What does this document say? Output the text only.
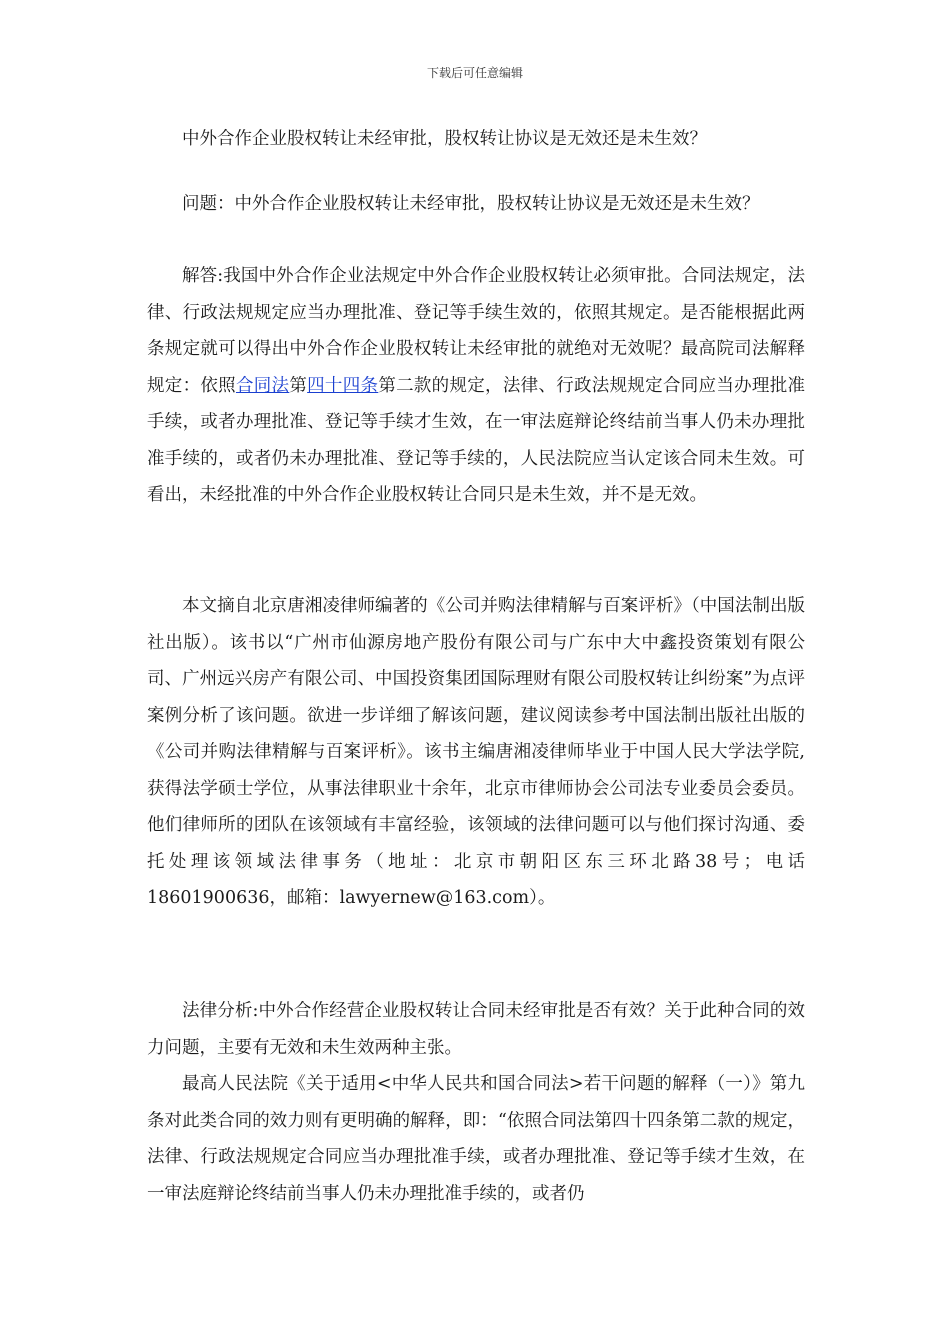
下载后可任意编辑

中外合作企业股权转让未经审批，股权转让协议是无效还是未生效？

问题：中外合作企业股权转让未经审批，股权转让协议是无效还是未生效？

解答:我国中外合作企业法规定中外合作企业股权转让必须审批。合同法规定，法律、行政法规规定应当办理批准、登记等手续生效的，依照其规定。是否能根据此两条规定就可以得出中外合作企业股权转让未经审批的就绝对无效呢？最高院司法解释规定：依照合同法第四十四条第二款的规定，法律、行政法规规定合同应当办理批准手续，或者办理批准、登记等手续才生效，在一审法庭辩论终结前当事人仍未办理批准手续的，或者仍未办理批准、登记等手续的，人民法院应当认定该合同未生效。可看出，未经批准的中外合作企业股权转让合同只是未生效，并不是无效。

本文摘自北京唐湘凌律师编著的《公司并购法律精解与百案评析》（中国法制出版社出版）。该书以“广州市仙源房地产股份有限公司与广东中大中鑫投资策划有限公司、广州远兴房产有限公司、中国投资集团国际理财有限公司股权转让纠纷案”为点评案例分析了该问题。欲进一步详细了解该问题，建议阅读参考中国法制出版社出版的《公司并购法律精解与百案评析》。该书主编唐湘凌律师毕业于中国人民大学法学院,获得法学硕士学位，从事法律职业十余年，北京市律师协会公司法专业委员会委员。他们律师所的团队在该领域有丰富经验，该领域的法律问题可以与他们探讨沟通、委托处理该领域法律事务（地址：北京市朝阳区东三环北路38号；电话18601900636，邮箱：lawyernew@163.com）。

法律分析:中外合作经营企业股权转让合同未经审批是否有效？关于此种合同的效力问题，主要有无效和未生效两种主张。

最高人民法院《关于适用<中华人民共和国合同法>若干问题的解释（一）》第九条对此类合同的效力则有更明确的解释，即：“依照合同法第四十四条第二款的规定，法律、行政法规规定合同应当办理批准手续，或者办理批准、登记等手续才生效，在一审法庭辩论终结前当事人仍未办理批准手续的，或者仍
